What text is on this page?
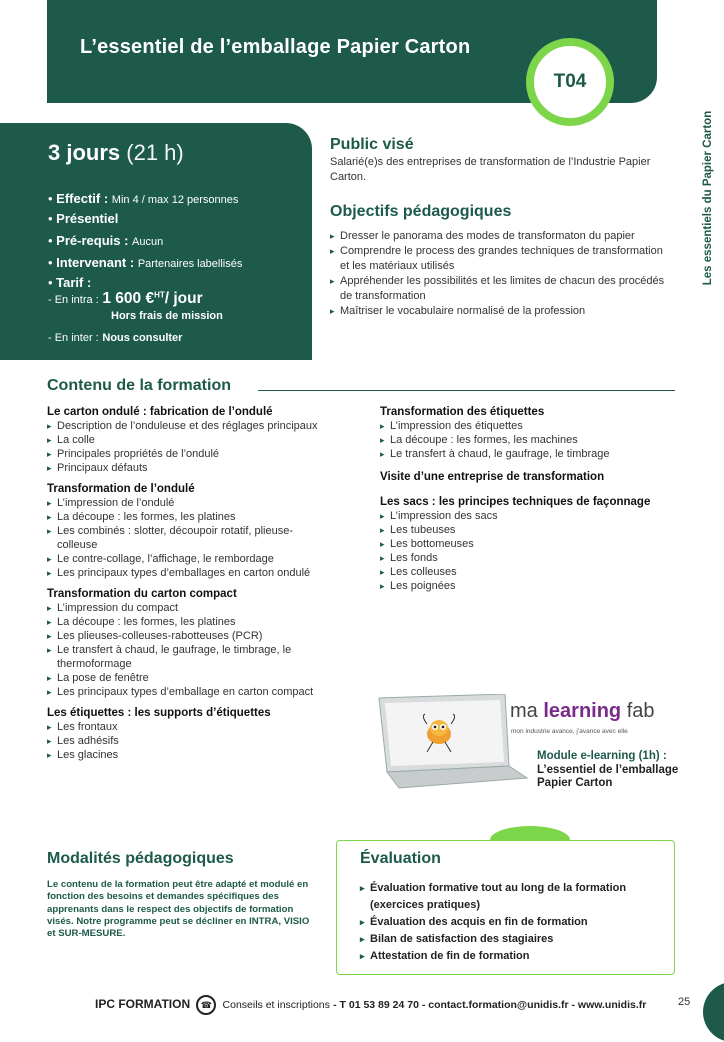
L’essentiel de l’emballage Papier Carton
T04
Les essentiels du Papier Carton
3 jours (21 h)
• Effectif : Min 4 / max 12 personnes
• Présentiel
• Pré-requis : Aucun
• Intervenant : Partenaires labellisés
• Tarif :
- En intra : 1 600 €$^{HT}$/ jour
Hors frais de mission
- En inter : Nous consulter
Public visé
Salarié(e)s des entreprises de transformation de l’Industrie Papier Carton.
Objectifs pédagogiques
▸ Dresser le panorama des modes de transformaton du papier
▸ Comprendre le process des grandes techniques de transformation et les matériaux utilisés
▸ Appréhender les possibilités et les limites de chacun des procédés de transformation
▸ Maîtriser le vocabulaire normalisé de la profession
Contenu de la formation
Le carton ondulé : fabrication de l’ondulé
▸ Description de l’onduleuse et des réglages principaux
▸ La colle
▸ Principales propriétés de l’ondulé
▸ Principaux défauts
Transformation de l’ondulé
▸ L’impression de l’ondulé
▸ La découpe : les formes, les platines
▸ Les combinés : slotter, découpoir rotatif, plieuse-colleuse
▸ Le contre-collage, l’affichage, le rembordage
▸ Les principaux types d’emballages en carton ondulé
Transformation du carton compact
▸ L’impression du compact
▸ La découpe : les formes, les platines
▸ Les plieuses-colleuses-rabotteuses (PCR)
▸ Le transfert à chaud, le gaufrage, le timbrage, le thermoformage
▸ La pose de fenêtre
▸ Les principaux types d’emballage en carton compact
Les étiquettes : les supports d’étiquettes
▸ Les frontaux
▸ Les adhésifs
▸ Les glacines
Transformation des étiquettes
▸ L’impression des étiquettes
▸ La découpe : les formes, les machines
▸ Le transfert à chaud, le gaufrage, le timbrage
Visite d’une entreprise de transformation
Les sacs : les principes techniques de façonnage
▸ L’impression des sacs
▸ Les tubeuses
▸ Les bottomeuses
▸ Les fonds
▸ Les colleuses
▸ Les poignées
ma learning fab
mon industrie avance, j’avance avec elle
Module e-learning (1h) :
L’essentiel de l’emballage Papier Carton
Modalités pédagogiques
Le contenu de la formation peut être adapté et modulé en fonction des besoins et demandes spécifiques des apprenants dans le respect des objectifs de formation visés. Notre programme peut se décliner en INTRA, VISIO et SUR-MESURE.
Évaluation
▸ Évaluation formative tout au long de la formation (exercices pratiques)
▸ Évaluation des acquis en fin de formation
▸ Bilan de satisfaction des stagiaires
▸ Attestation de fin de formation
IPC FORMATION ☎ Conseils et inscriptions - T 01 53 89 24 70 - contact.formation@unidis.fr - www.unidis.fr	25
